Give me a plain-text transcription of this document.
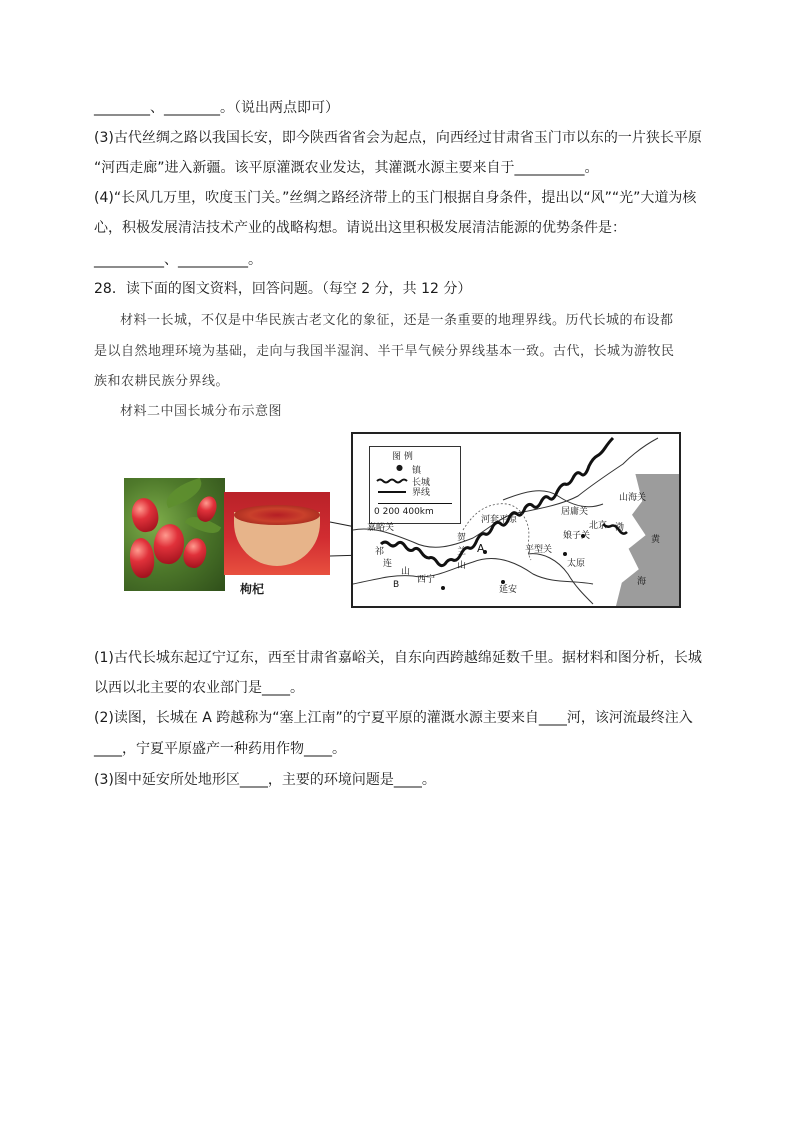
________、________。（说出两点即可）
(3)古代丝绸之路以我国长安，即今陕西省省会为起点，向西经过甘肃省玉门市以东的一片狭长平原
“河西走廊”进入新疆。该平原灌溉农业发达，其灌溉水源主要来自于__________。
(4)“长风几万里，吹度玉门关。”丝绸之路经济带上的玉门根据自身条件，提出以“风”“光”大道为核
心，积极发展清洁技术产业的战略构想。请说出这里积极发展清洁能源的优势条件是：
__________、__________。
28．读下面的图文资料，回答问题。（每空 2 分，共 12 分）
材料一长城，不仅是中华民族古老文化的象征，还是一条重要的地理界线。历代长城的布设都
是以自然地理环境为基础，走向与我国半湿润、半干旱气候分界线基本一致。古代，长城为游牧民
族和农耕民族分界线。
材料二中国长城分布示意图
枸杞
图 例
● 镇
长城
界线
0 200 400km
嘉峪关
祁
连
山
B 西宁
河套平原
贺
兰
山
A
延安
平型关
娘子关
太原
居庸关
北京
山海关
渤
黄
海
(1)古代长城东起辽宁辽东，西至甘肃省嘉峪关，自东向西跨越绵延数千里。据材料和图分析，长城
以西以北主要的农业部门是____。
(2)读图，长城在 A 跨越称为“塞上江南”的宁夏平原的灌溉水源主要来自____河，该河流最终注入
____，宁夏平原盛产一种药用作物____。
(3)图中延安所处地形区____，主要的环境问题是____。
